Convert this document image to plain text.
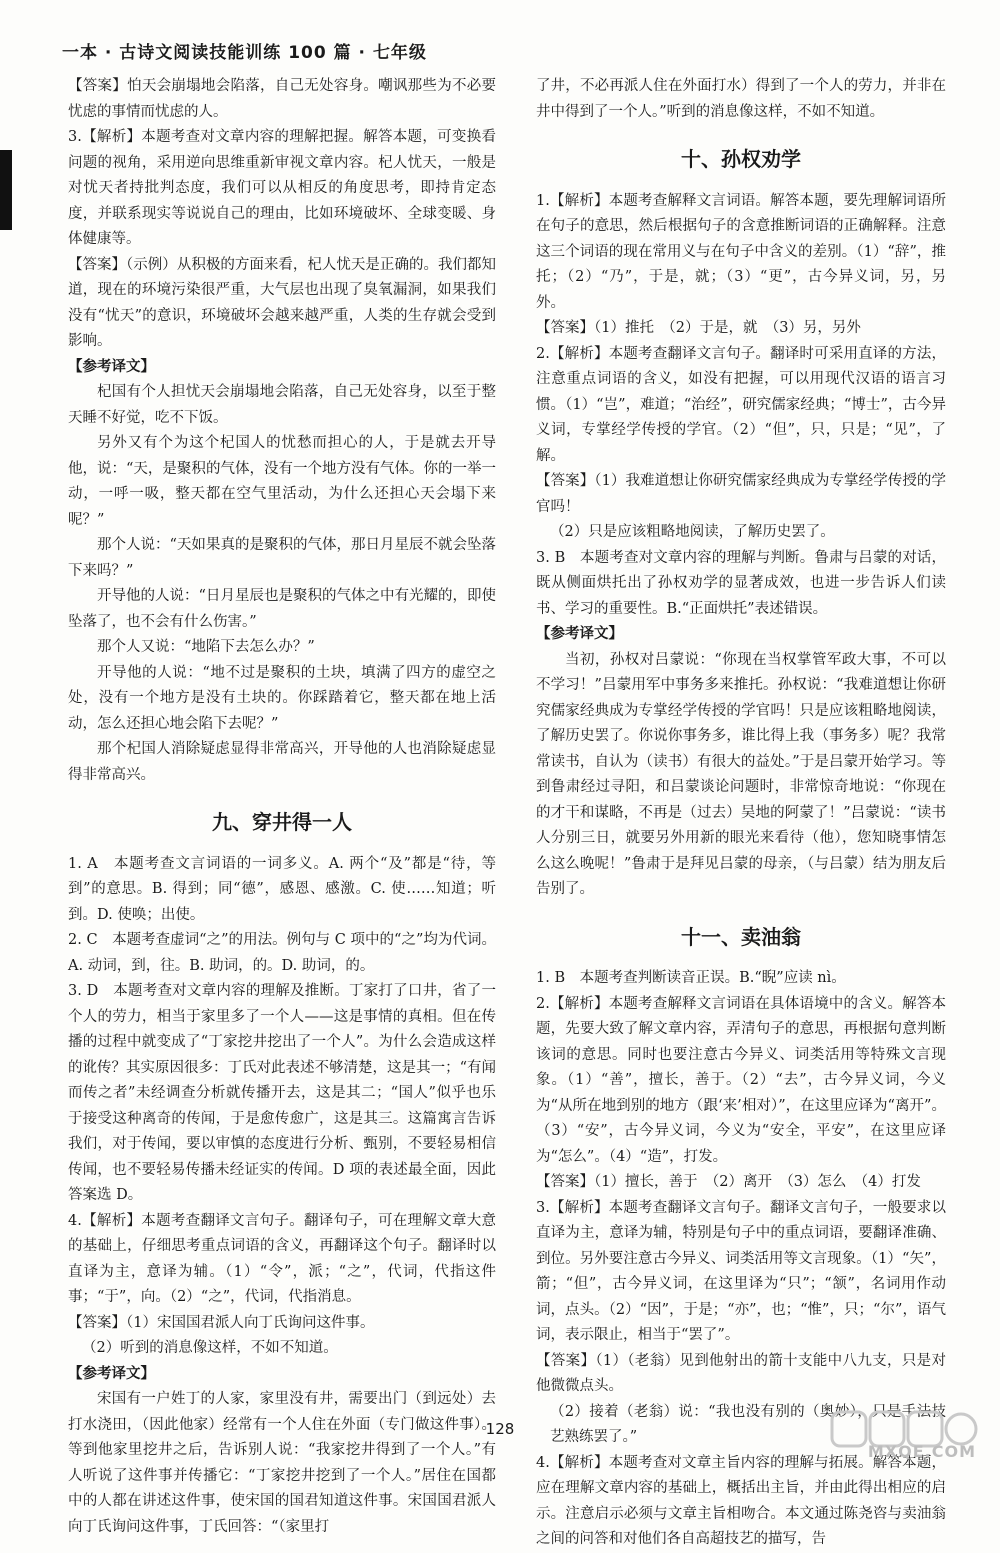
一本 · 古诗文阅读技能训练 100 篇 · 七年级

【答案】怕天会崩塌地会陷落，自己无处容身。嘲讽那些为不必要忧虑的事情而忧虑的人。

3.【解析】本题考查对文章内容的理解把握。解答本题，可变换看问题的视角，采用逆向思维重新审视文章内容。杞人忧天，一般是对忧天者持批判态度，我们可以从相反的角度思考，即持肯定态度，并联系现实等说说自己的理由，比如环境破坏、全球变暖、身体健康等。

【答案】（示例）从积极的方面来看，杞人忧天是正确的。我们都知道，现在的环境污染很严重，大气层也出现了臭氧漏洞，如果我们没有“忧天”的意识，环境破坏会越来越严重，人类的生存就会受到影响。

【参考译文】

杞国有个人担忧天会崩塌地会陷落，自己无处容身，以至于整天睡不好觉，吃不下饭。

另外又有个为这个杞国人的忧愁而担心的人，于是就去开导他，说：“天，是聚积的气体，没有一个地方没有气体。你的一举一动，一呼一吸，整天都在空气里活动，为什么还担心天会塌下来呢？”

那个人说：“天如果真的是聚积的气体，那日月星辰不就会坠落下来吗？”

开导他的人说：“日月星辰也是聚积的气体之中有光耀的，即使坠落了，也不会有什么伤害。”

那个人又说：“地陷下去怎么办？”

开导他的人说：“地不过是聚积的土块，填满了四方的虚空之处，没有一个地方是没有土块的。你踩踏着它，整天都在地上活动，怎么还担心地会陷下去呢？”

那个杞国人消除疑虑显得非常高兴，开导他的人也消除疑虑显得非常高兴。

九、穿井得一人

1. A　本题考查文言词语的一词多义。A. 两个“及”都是“待，等到”的意思。B. 得到；同“德”，感恩、感激。C. 使……知道；听到。D. 使唤；出使。

2. C　本题考查虚词“之”的用法。例句与 C 项中的“之”均为代词。A. 动词，到，往。B. 助词，的。D. 助词，的。

3. D　本题考查对文章内容的理解及推断。丁家打了口井，省了一个人的劳力，相当于家里多了一个人——这是事情的真相。但在传播的过程中就变成了“丁家挖井挖出了一个人”。为什么会造成这样的讹传？其实原因很多：丁氏对此表述不够清楚，这是其一；“有闻而传之者”未经调查分析就传播开去，这是其二；“国人”似乎也乐于接受这种离奇的传闻，于是愈传愈广，这是其三。这篇寓言告诉我们，对于传闻，要以审慎的态度进行分析、甄别，不要轻易相信传闻，也不要轻易传播未经证实的传闻。D 项的表述最全面，因此答案选 D。

4.【解析】本题考查翻译文言句子。翻译句子，可在理解文章大意的基础上，仔细思考重点词语的含义，再翻译这个句子。翻译时以直译为主，意译为辅。（1）“令”，派；“之”，代词，代指这件事；“于”，向。（2）“之”，代词，代指消息。

【答案】（1）宋国国君派人向丁氏询问这件事。

（2）听到的消息像这样，不如不知道。

【参考译文】

宋国有一户姓丁的人家，家里没有井，需要出门（到远处）去打水浇田，（因此他家）经常有一个人住在外面（专门做这件事）。等到他家里挖井之后，告诉别人说：“我家挖井得到了一个人。”有人听说了这件事并传播它：“丁家挖井挖到了一个人。”居住在国都中的人都在讲述这件事，使宋国的国君知道这件事。宋国国君派人向丁氏询问这件事，丁氏回答：“（家里打

了井，不必再派人住在外面打水）得到了一个人的劳力，并非在井中得到了一个人。”听到的消息像这样，不如不知道。

十、孙权劝学

1.【解析】本题考查解释文言词语。解答本题，要先理解词语所在句子的意思，然后根据句子的含意推断词语的正确解释。注意这三个词语的现在常用义与在句子中含义的差别。（1）“辞”，推托；（2）“乃”，于是，就；（3）“更”，古今异义词，另，另外。

【答案】（1）推托　（2）于是，就　（3）另，另外

2.【解析】本题考查翻译文言句子。翻译时可采用直译的方法，注意重点词语的含义，如没有把握，可以用现代汉语的语言习惯。（1）“岂”，难道；“治经”，研究儒家经典；“博士”，古今异义词，专掌经学传授的学官。（2）“但”，只，只是；“见”，了解。

【答案】（1）我难道想让你研究儒家经典成为专掌经学传授的学官吗！

（2）只是应该粗略地阅读，了解历史罢了。

3. B　本题考查对文章内容的理解与判断。鲁肃与吕蒙的对话，既从侧面烘托出了孙权劝学的显著成效，也进一步告诉人们读书、学习的重要性。B.“正面烘托”表述错误。

【参考译文】

当初，孙权对吕蒙说：“你现在当权掌管军政大事，不可以不学习！”吕蒙用军中事务多来推托。孙权说：“我难道想让你研究儒家经典成为专掌经学传授的学官吗！只是应该粗略地阅读，了解历史罢了。你说你事务多，谁比得上我（事务多）呢？我常常读书，自认为（读书）有很大的益处。”于是吕蒙开始学习。等到鲁肃经过寻阳，和吕蒙谈论问题时，非常惊奇地说：“你现在的才干和谋略，不再是（过去）吴地的阿蒙了！”吕蒙说：“读书人分别三日，就要另外用新的眼光来看待（他），您知晓事情怎么这么晚呢！”鲁肃于是拜见吕蒙的母亲，（与吕蒙）结为朋友后告别了。

十一、卖油翁

1. B　本题考查判断读音正误。B.“睨”应读 nì。

2.【解析】本题考查解释文言词语在具体语境中的含义。解答本题，先要大致了解文章内容，弄清句子的意思，再根据句意判断该词的意思。同时也要注意古今异义、词类活用等特殊文言现象。（1）“善”，擅长，善于。（2）“去”，古今异义词，今义为“从所在地到别的地方（跟‘来’相对）”，在这里应译为“离开”。（3）“安”，古今异义词，今义为“安全，平安”，在这里应译为“怎么”。（4）“造”，打发。

【答案】（1）擅长，善于　（2）离开　（3）怎么　（4）打发

3.【解析】本题考查翻译文言句子。翻译文言句子，一般要求以直译为主，意译为辅，特别是句子中的重点词语，要翻译准确、到位。另外要注意古今异义、词类活用等文言现象。（1）“矢”，箭；“但”，古今异义词，在这里译为“只”；“颔”，名词用作动词，点头。（2）“因”，于是；“亦”，也；“惟”，只；“尔”，语气词，表示限止，相当于“罢了”。

【答案】（1）（老翁）见到他射出的箭十支能中八九支，只是对他微微点头。

（2）接着（老翁）说：“我也没有别的（奥妙），只是手法技艺熟练罢了。”

4.【解析】本题考查对文章主旨内容的理解与拓展。解答本题，应在理解文章内容的基础上，概括出主旨，并由此得出相应的启示。注意启示必须与文章主旨相吻合。本文通过陈尧咨与卖油翁之间的问答和对他们各自高超技艺的描写，告

128
MXQE.COM
